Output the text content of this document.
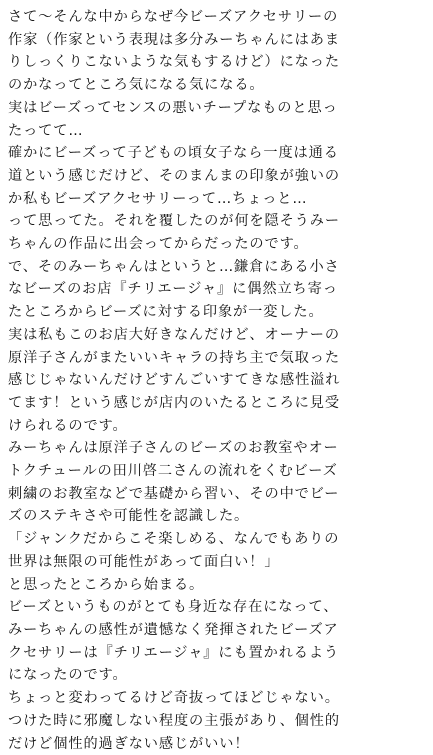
さて〜そんな中からなぜ今ビーズアクセサリーの
作家（作家という表現は多分みーちゃんにはあま
りしっくりこないような気もするけど）になった
のかなってところ気になる気になる。

実はビーズってセンスの悪いチープなものと思っ
たってて…

確かにビーズって子どもの頃女子なら一度は通る
道という感じだけど、そのまんまの印象が強いの
か私もビーズアクセサリーって…ちょっと…
って思ってた。それを覆したのが何を隠そうみー
ちゃんの作品に出会ってからだったのです。

で、そのみーちゃんはというと…鎌倉にある小さ
なビーズのお店『チリエージャ』に偶然立ち寄っ
たところからビーズに対する印象が一変した。

実は私もこのお店大好きなんだけど、オーナーの
原洋子さんがまたいいキャラの持ち主で気取った
感じじゃないんだけどすんごいすてきな感性溢れ
てます！という感じが店内のいたるところに見受
けられるのです。

みーちゃんは原洋子さんのビーズのお教室やオー
トクチュールの田川啓二さんの流れをくむビーズ
刺繍のお教室などで基礎から習い、その中でビー
ズのステキさや可能性を認識した。

「ジャンクだからこそ楽しめる、なんでもありの
世界は無限の可能性があって面白い！」

と思ったところから始まる。

ビーズというものがとても身近な存在になって、
みーちゃんの感性が遺憾なく発揮されたビーズア
クセサリーは『チリエージャ』にも置かれるよう
になったのです。

ちょっと変わってるけど奇抜ってほどじゃない。
つけた時に邪魔しない程度の主張があり、個性的
だけど個性的過ぎない感じがいい！
